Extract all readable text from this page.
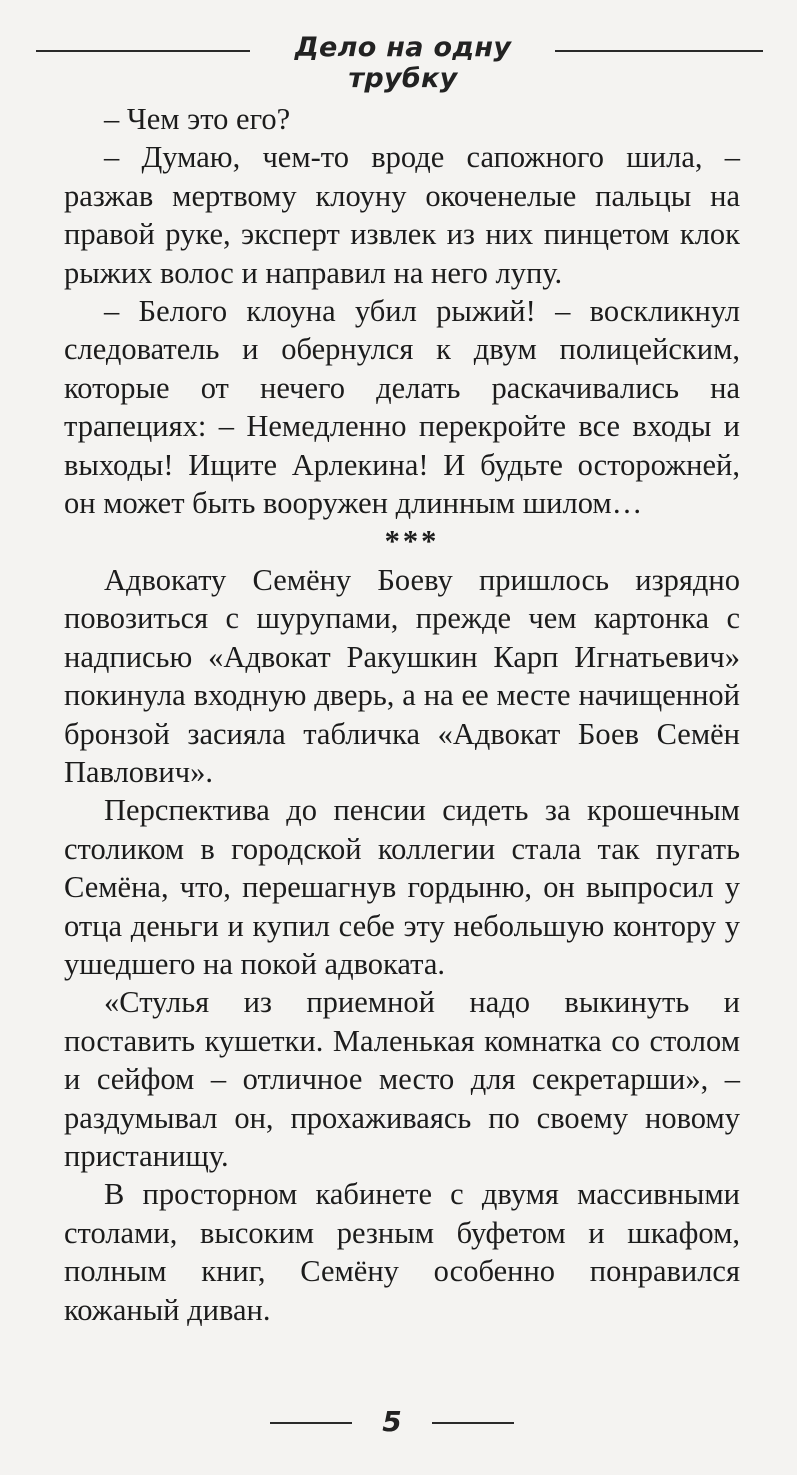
Дело на одну трубку

– Чем это его?

– Думаю, чем-то вроде сапожного шила, – разжав мертвому клоуну окоченелые пальцы на правой руке, эксперт извлек из них пинцетом клок рыжих волос и направил на него лупу.

– Белого клоуна убил рыжий! – воскликнул следователь и обернулся к двум полицейским, которые от нечего делать раскачивались на трапециях: – Немедленно перекройте все входы и выходы! Ищите Арлекина! И будьте осторожней, он может быть вооружен длинным шилом…

***

Адвокату Семёну Боеву пришлось изрядно повозиться с шурупами, прежде чем картонка с надписью «Адвокат Ракушкин Карп Игнатьевич» покинула входную дверь, а на ее месте начищенной бронзой засияла табличка «Адвокат Боев Семён Павлович».

Перспектива до пенсии сидеть за крошечным столиком в городской коллегии стала так пугать Семёна, что, перешагнув гордыню, он выпросил у отца деньги и купил себе эту небольшую контору у ушедшего на покой адвоката.

«Стулья из приемной надо выкинуть и поставить кушетки. Маленькая комнатка со столом и сейфом – отличное место для секретарши», – раздумывал он, прохаживаясь по своему новому пристанищу.

В просторном кабинете с двумя массивными столами, высоким резным буфетом и шкафом, полным книг, Семёну особенно понравился кожаный диван.

5
